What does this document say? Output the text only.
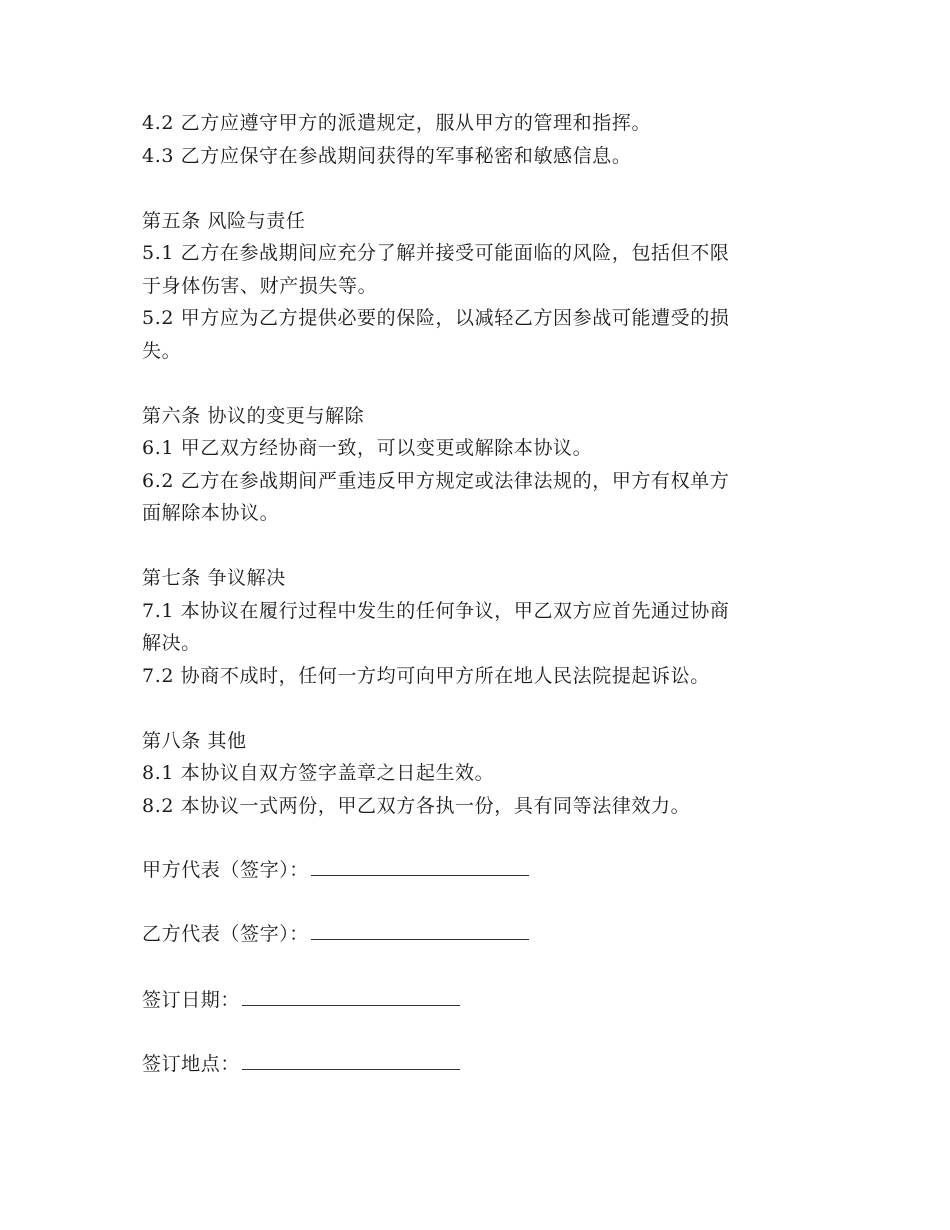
4.2 乙方应遵守甲方的派遣规定，服从甲方的管理和指挥。
4.3 乙方应保守在参战期间获得的军事秘密和敏感信息。
第五条 风险与责任
5.1 乙方在参战期间应充分了解并接受可能面临的风险，包括但不限
于身体伤害、财产损失等。
5.2 甲方应为乙方提供必要的保险，以减轻乙方因参战可能遭受的损
失。
第六条 协议的变更与解除
6.1 甲乙双方经协商一致，可以变更或解除本协议。
6.2 乙方在参战期间严重违反甲方规定或法律法规的，甲方有权单方
面解除本协议。
第七条 争议解决
7.1 本协议在履行过程中发生的任何争议，甲乙双方应首先通过协商
解决。
7.2 协商不成时，任何一方均可向甲方所在地人民法院提起诉讼。
第八条 其他
8.1 本协议自双方签字盖章之日起生效。
8.2 本协议一式两份，甲乙双方各执一份，具有同等法律效力。
甲方代表（签字）：
乙方代表（签字）：
签订日期：
签订地点：
